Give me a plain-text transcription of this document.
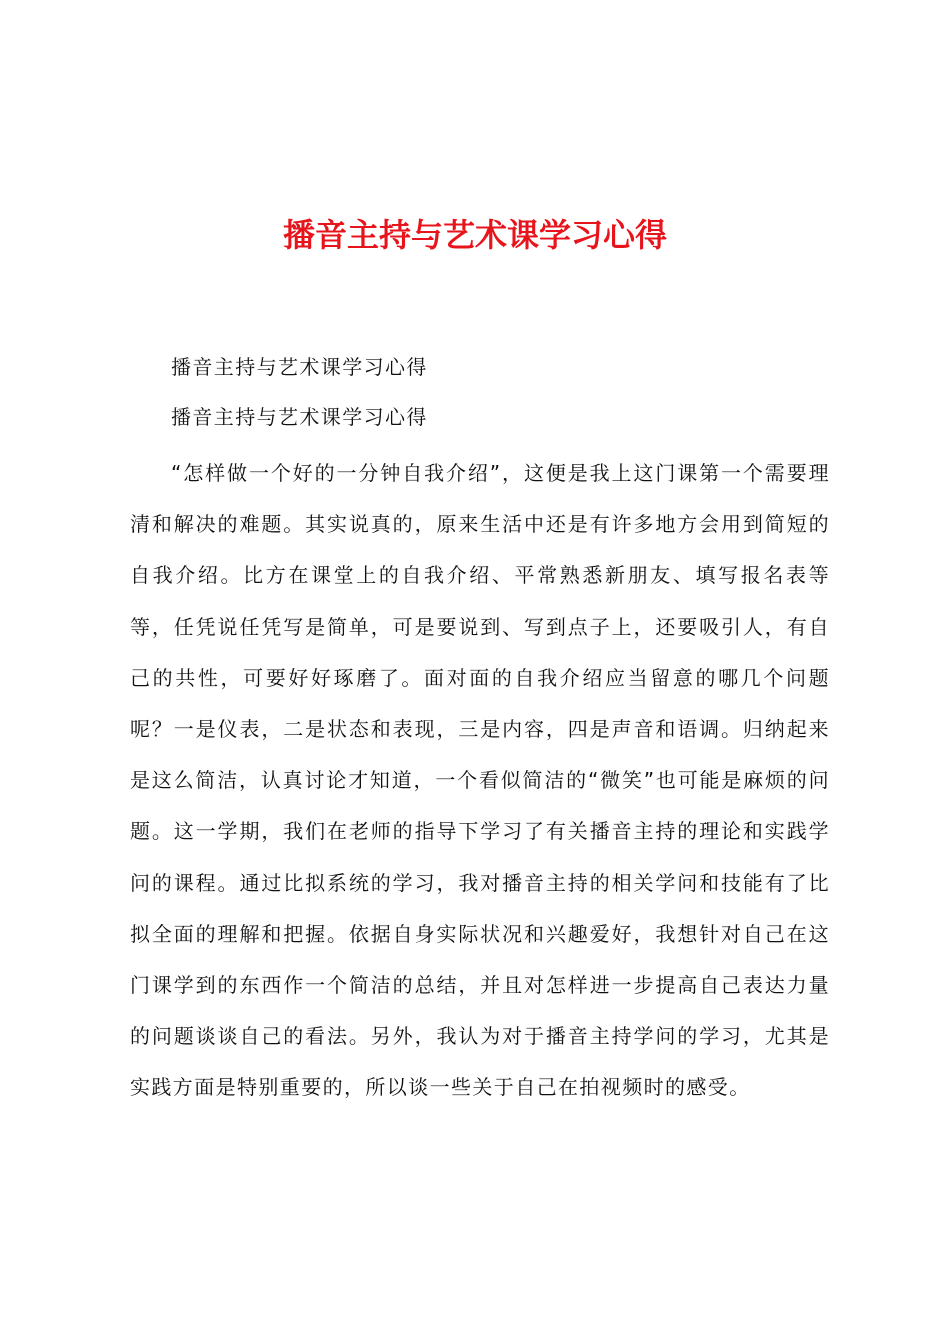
播音主持与艺术课学习心得

播音主持与艺术课学习心得

播音主持与艺术课学习心得

“怎样做一个好的一分钟自我介绍”，这便是我上这门课第一个需要理清和解决的难题。其实说真的，原来生活中还是有许多地方会用到简短的自我介绍。比方在课堂上的自我介绍、平常熟悉新朋友、填写报名表等等，任凭说任凭写是简单，可是要说到、写到点子上，还要吸引人，有自己的共性，可要好好琢磨了。面对面的自我介绍应当留意的哪几个问题呢？一是仪表，二是状态和表现，三是内容，四是声音和语调。归纳起来是这么简洁，认真讨论才知道，一个看似简洁的“微笑”也可能是麻烦的问题。这一学期，我们在老师的指导下学习了有关播音主持的理论和实践学问的课程。通过比拟系统的学习，我对播音主持的相关学问和技能有了比拟全面的理解和把握。依据自身实际状况和兴趣爱好，我想针对自己在这门课学到的东西作一个简洁的总结，并且对怎样进一步提高自己表达力量的问题谈谈自己的看法。另外，我认为对于播音主持学问的学习，尤其是实践方面是特别重要的，所以谈一些关于自己在拍视频时的感受。
